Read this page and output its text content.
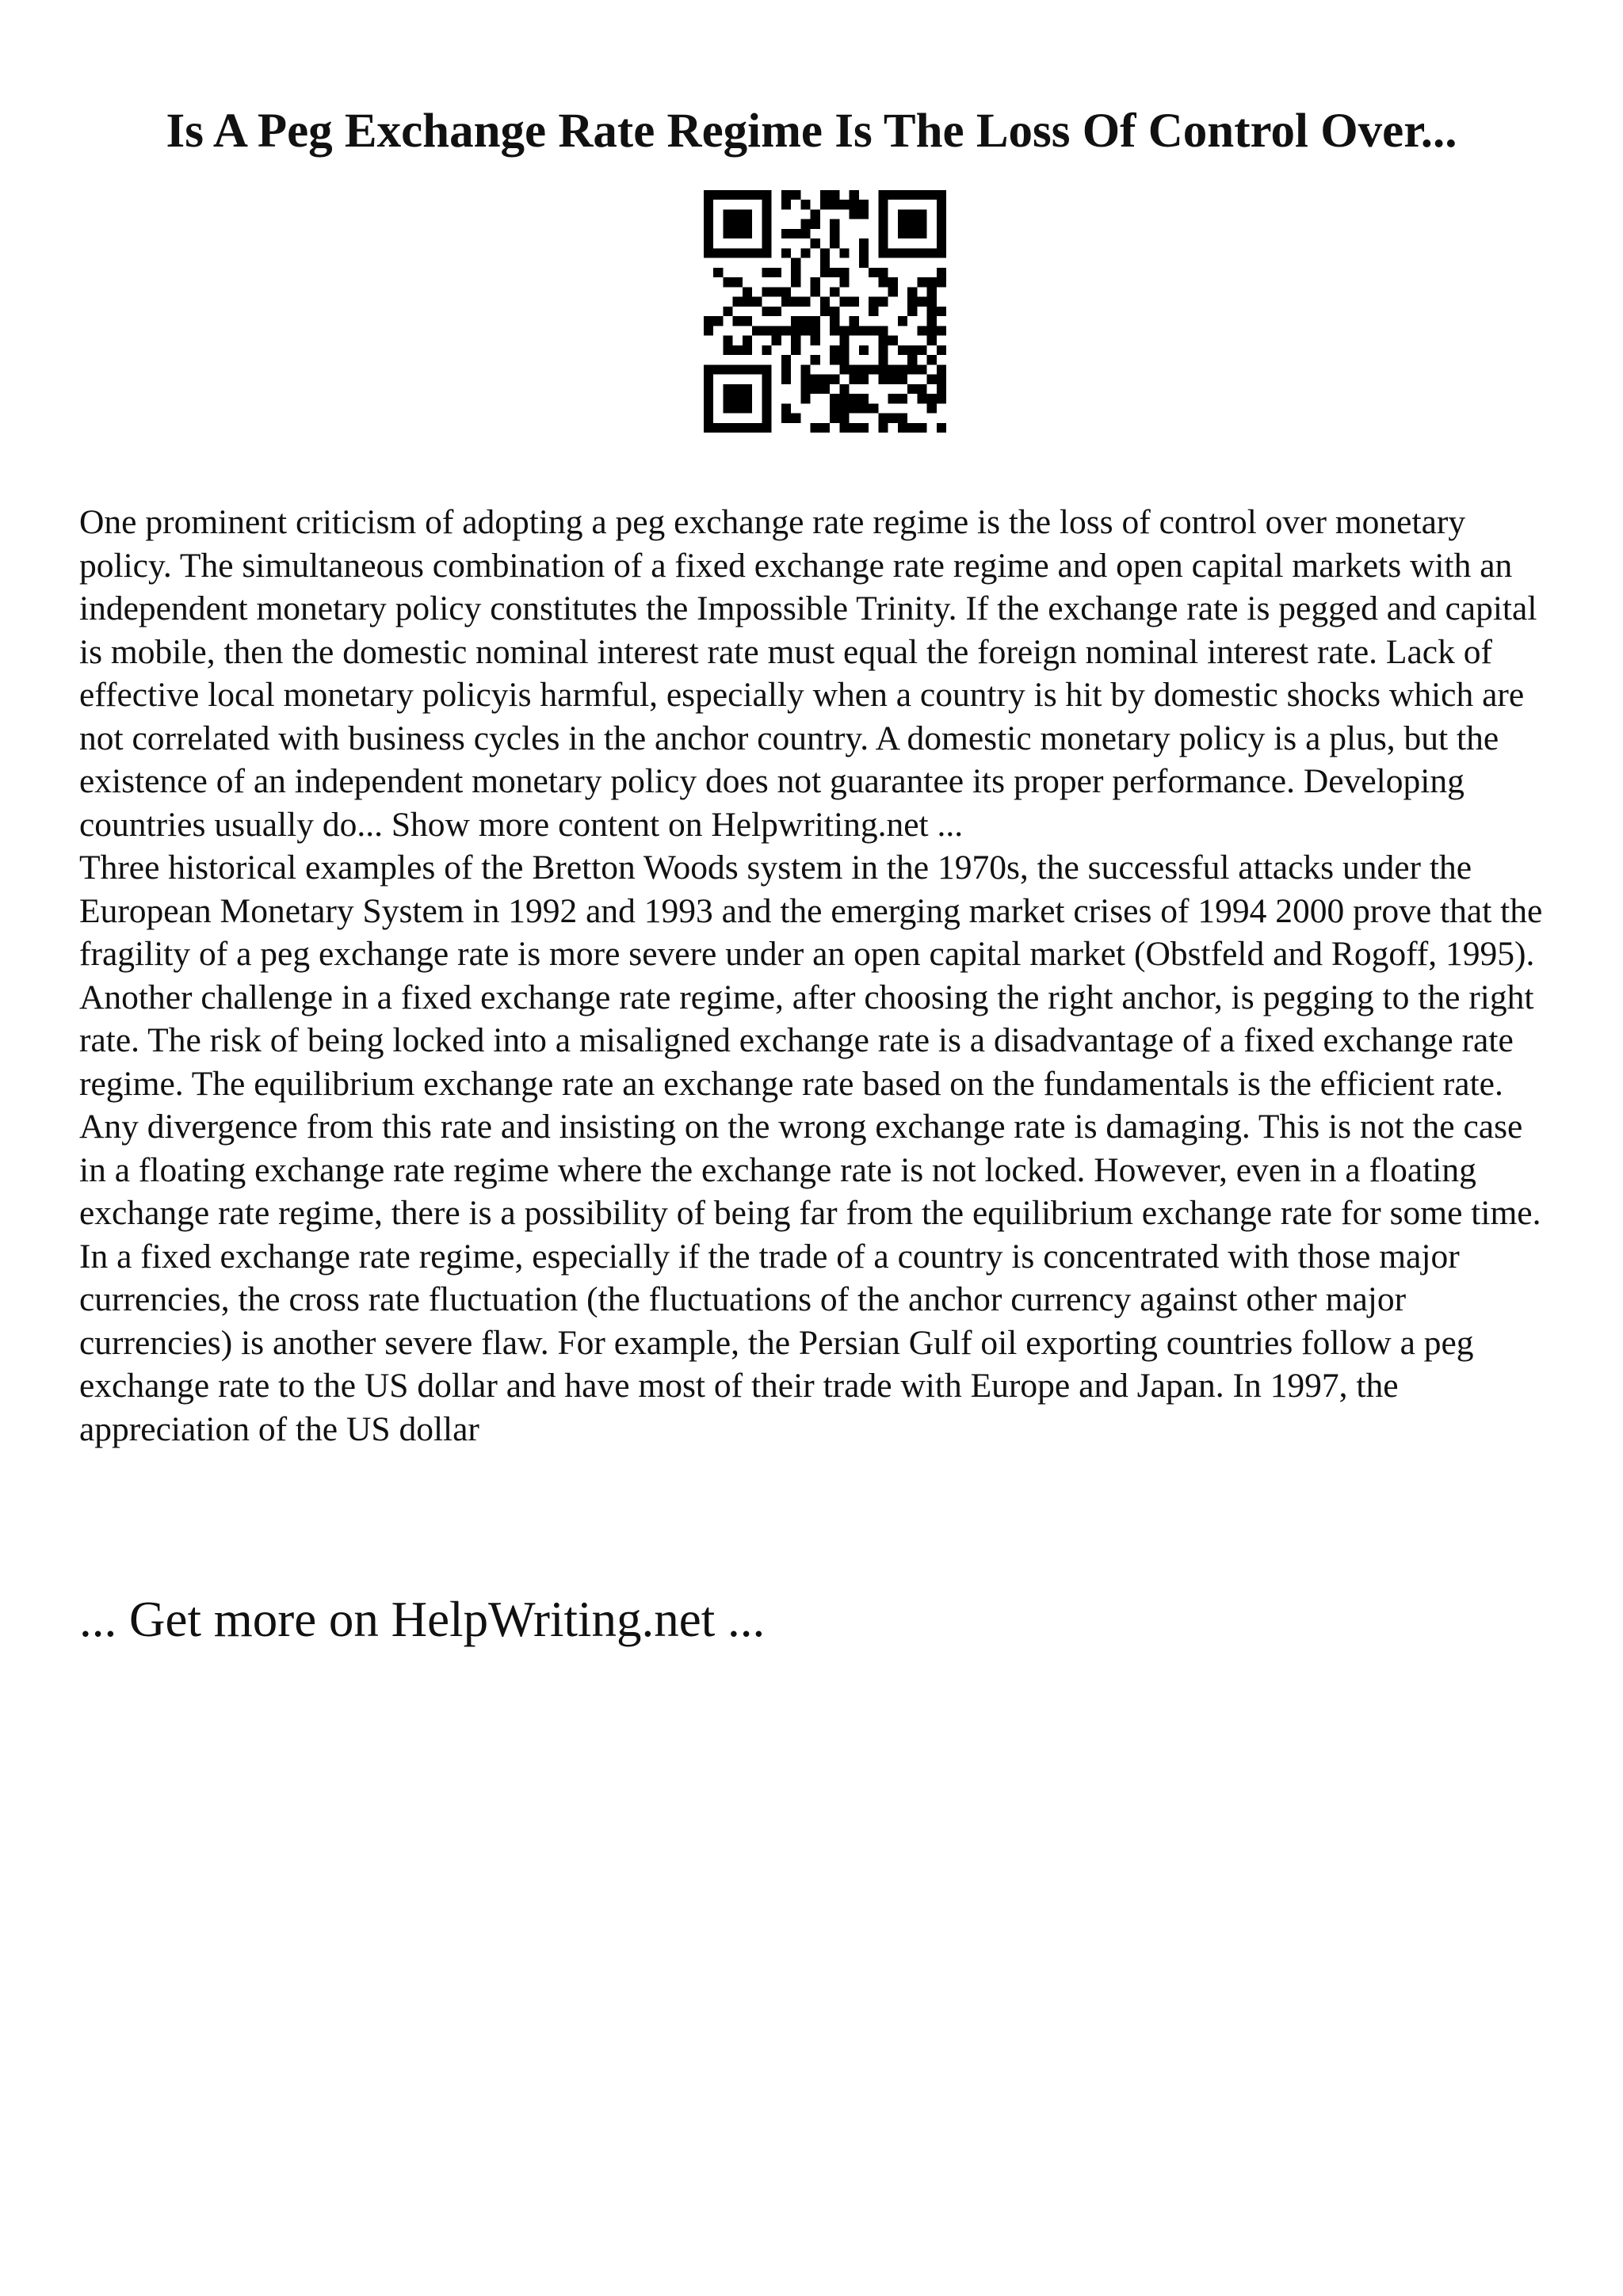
Is A Peg Exchange Rate Regime Is The Loss Of Control Over...

One prominent criticism of adopting a peg exchange rate regime is the loss of control over monetary policy. The simultaneous combination of a fixed exchange rate regime and open capital markets with an independent monetary policy constitutes the Impossible Trinity. If the exchange rate is pegged and capital is mobile, then the domestic nominal interest rate must equal the foreign nominal interest rate. Lack of effective local monetary policyis harmful, especially when a country is hit by domestic shocks which are not correlated with business cycles in the anchor country. A domestic monetary policy is a plus, but the existence of an independent monetary policy does not guarantee its proper performance. Developing countries usually do... Show more content on Helpwriting.net ...

Three historical examples of the Bretton Woods system in the 1970s, the successful attacks under the European Monetary System in 1992 and 1993 and the emerging market crises of 1994 2000 prove that the fragility of a peg exchange rate is more severe under an open capital market (Obstfeld and Rogoff, 1995). Another challenge in a fixed exchange rate regime, after choosing the right anchor, is pegging to the right rate. The risk of being locked into a misaligned exchange rate is a disadvantage of a fixed exchange rate regime. The equilibrium exchange rate an exchange rate based on the fundamentals is the efficient rate. Any divergence from this rate and insisting on the wrong exchange rate is damaging. This is not the case in a floating exchange rate regime where the exchange rate is not locked. However, even in a floating exchange rate regime, there is a possibility of being far from the equilibrium exchange rate for some time. In a fixed exchange rate regime, especially if the trade of a country is concentrated with those major currencies, the cross rate fluctuation (the fluctuations of the anchor currency against other major currencies) is another severe flaw. For example, the Persian Gulf oil exporting countries follow a peg exchange rate to the US dollar and have most of their trade with Europe and Japan. In 1997, the appreciation of the US dollar

... Get more on HelpWriting.net ...
